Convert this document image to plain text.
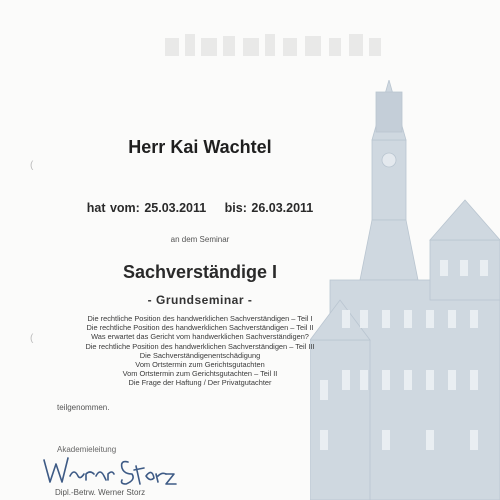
(
(
Herr Kai Wachtel
hat vom: 25.03.2011 bis: 26.03.2011
an dem Seminar
Sachverständige I
- Grundseminar -
Die rechtliche Position des handwerklichen Sachverständigen – Teil I
Die rechtliche Position des handwerklichen Sachverständigen – Teil II
Was erwartet das Gericht vom handwerklichen Sachverständigen?
Die rechtliche Position des handwerklichen Sachverständigen – Teil III
Die Sachverständigenentschädigung
Vom Ortstermin zum Gerichtsgutachten
Vom Ortstermin zum Gerichtsgutachten – Teil II
Die Frage der Haftung / Der Privatgutachter
teilgenommen.
Akademieleitung
Dipl.-Betrw. Werner Storz
